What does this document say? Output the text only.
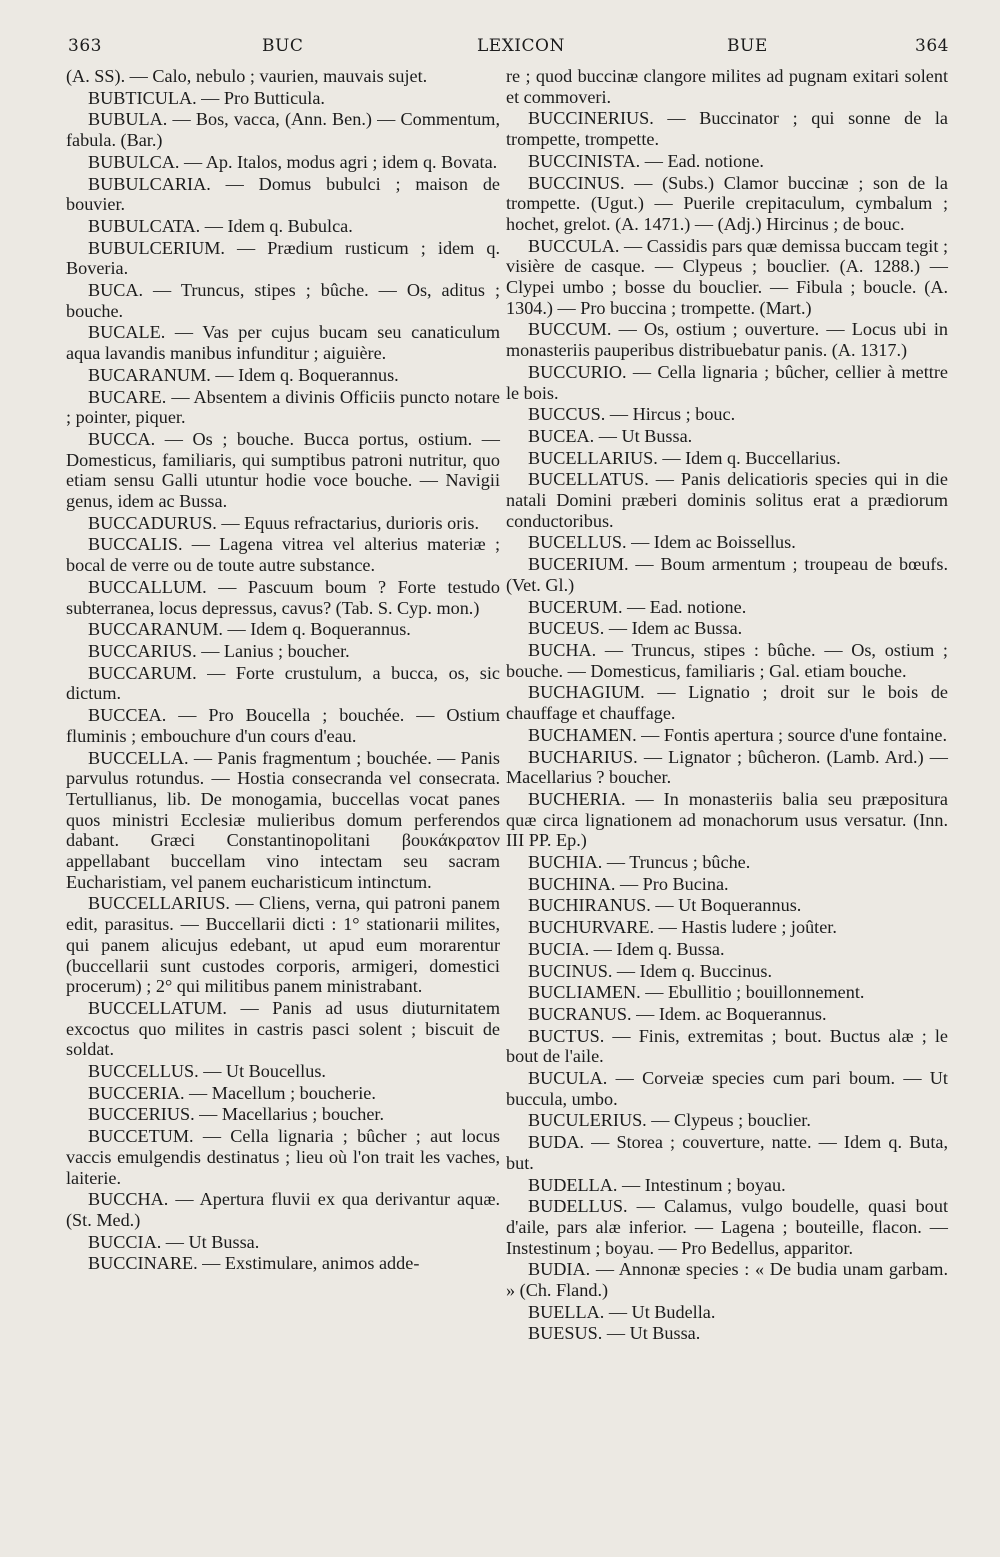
363	BUC	LEXICON	BUE	364

(A. SS). — Calo, nebulo ; vaurien, mauvais sujet.

BUBTICULA. — Pro Butticula.

BUBULA. — Bos, vacca, (Ann. Ben.) — Commentum, fabula. (Bar.)

BUBULCA. — Ap. Italos, modus agri ; idem q. Bovata.

BUBULCARIA. — Domus bubulci ; maison de bouvier.

BUBULCATA. — Idem q. Bubulca.

BUBULCERIUM. — Prædium rusticum ; idem q. Boveria.

BUCA. — Truncus, stipes ; bûche. — Os, aditus ; bouche.

BUCALE. — Vas per cujus bucam seu canaticulum aqua lavandis manibus infunditur ; aiguière.

BUCARANUM. — Idem q. Boquerannus.

BUCARE. — Absentem a divinis Officiis puncto notare ; pointer, piquer.

BUCCA. — Os ; bouche. Bucca portus, ostium. — Domesticus, familiaris, qui sumptibus patroni nutritur, quo etiam sensu Galli utuntur hodie voce bouche. — Navigii genus, idem ac Bussa.

BUCCADURUS. — Equus refractarius, durioris oris.

BUCCALIS. — Lagena vitrea vel alterius materiæ ; bocal de verre ou de toute autre substance.

BUCCALLUM. — Pascuum boum ? Forte testudo subterranea, locus depressus, cavus? (Tab. S. Cyp. mon.)

BUCCARANUM. — Idem q. Boquerannus.

BUCCARIUS. — Lanius ; boucher.

BUCCARUM. — Forte crustulum, a bucca, os, sic dictum.

BUCCEA. — Pro Boucella ; bouchée. — Ostium fluminis ; embouchure d'un cours d'eau.

BUCCELLA. — Panis fragmentum ; bouchée. — Panis parvulus rotundus. — Hostia consecranda vel consecrata. Tertullianus, lib. De monogamia, buccellas vocat panes quos ministri Ecclesiæ mulieribus domum perferendos dabant. Græci Constantinopolitani βουκάκρατον appellabant buccellam vino intectam seu sacram Eucharistiam, vel panem eucharisticum intinctum.

BUCCELLARIUS. — Cliens, verna, qui patroni panem edit, parasitus. — Buccellarii dicti : 1° stationarii milites, qui panem alicujus edebant, ut apud eum morarentur (buccellarii sunt custodes corporis, armigeri, domestici procerum) ; 2° qui militibus panem ministrabant.

BUCCELLATUM. — Panis ad usus diuturnitatem excoctus quo milites in castris pasci solent ; biscuit de soldat.

BUCCELLUS. — Ut Boucellus.

BUCCERIA. — Macellum ; boucherie.

BUCCERIUS. — Macellarius ; boucher.

BUCCETUM. — Cella lignaria ; bûcher ; aut locus vaccis emulgendis destinatus ; lieu où l'on trait les vaches, laiterie.

BUCCHA. — Apertura fluvii ex qua derivantur aquæ. (St. Med.)

BUCCIA. — Ut Bussa.

BUCCINARE. — Exstimulare, animos adde-

re ; quod buccinæ clangore milites ad pugnam exitari solent et commoveri.

BUCCINERIUS. — Buccinator ; qui sonne de la trompette, trompette.

BUCCINISTA. — Ead. notione.

BUCCINUS. — (Subs.) Clamor buccinæ ; son de la trompette. (Ugut.) — Puerile crepitaculum, cymbalum ; hochet, grelot. (A. 1471.) — (Adj.) Hircinus ; de bouc.

BUCCULA. — Cassidis pars quæ demissa buccam tegit ; visière de casque. — Clypeus ; bouclier. (A. 1288.) — Clypei umbo ; bosse du bouclier. — Fibula ; boucle. (A. 1304.) — Pro buccina ; trompette. (Mart.)

BUCCUM. — Os, ostium ; ouverture. — Locus ubi in monasteriis pauperibus distribuebatur panis. (A. 1317.)

BUCCURIO. — Cella lignaria ; bûcher, cellier à mettre le bois.

BUCCUS. — Hircus ; bouc.

BUCEA. — Ut Bussa.

BUCELLARIUS. — Idem q. Buccellarius.

BUCELLATUS. — Panis delicatioris species qui in die natali Domini præberi dominis solitus erat a prædiorum conductoribus.

BUCELLUS. — Idem ac Boissellus.

BUCERIUM. — Boum armentum ; troupeau de bœufs. (Vet. Gl.)

BUCERUM. — Ead. notione.

BUCEUS. — Idem ac Bussa.

BUCHA. — Truncus, stipes : bûche. — Os, ostium ; bouche. — Domesticus, familiaris ; Gal. etiam bouche.

BUCHAGIUM. — Lignatio ; droit sur le bois de chauffage et chauffage.

BUCHAMEN. — Fontis apertura ; source d'une fontaine.

BUCHARIUS. — Lignator ; bûcheron. (Lamb. Ard.) — Macellarius ? boucher.

BUCHERIA. — In monasteriis balia seu præpositura quæ circa lignationem ad monachorum usus versatur. (Inn. III PP. Ep.)

BUCHIA. — Truncus ; bûche.

BUCHINA. — Pro Bucina.

BUCHIRANUS. — Ut Boquerannus.

BUCHURVARE. — Hastis ludere ; joûter.

BUCIA. — Idem q. Bussa.

BUCINUS. — Idem q. Buccinus.

BUCLIAMEN. — Ebullitio ; bouillonnement.

BUCRANUS. — Idem. ac Boquerannus.

BUCTUS. — Finis, extremitas ; bout. Buctus alæ ; le bout de l'aile.

BUCULA. — Corveiæ species cum pari boum. — Ut buccula, umbo.

BUCULERIUS. — Clypeus ; bouclier.

BUDA. — Storea ; couverture, natte. — Idem q. Buta, but.

BUDELLA. — Intestinum ; boyau.

BUDELLUS. — Calamus, vulgo boudelle, quasi bout d'aile, pars alæ inferior. — Lagena ; bouteille, flacon. — Instestinum ; boyau. — Pro Bedellus, apparitor.

BUDIA. — Annonæ species : « De budia unam garbam. » (Ch. Fland.)

BUELLA. — Ut Budella.

BUESUS. — Ut Bussa.
